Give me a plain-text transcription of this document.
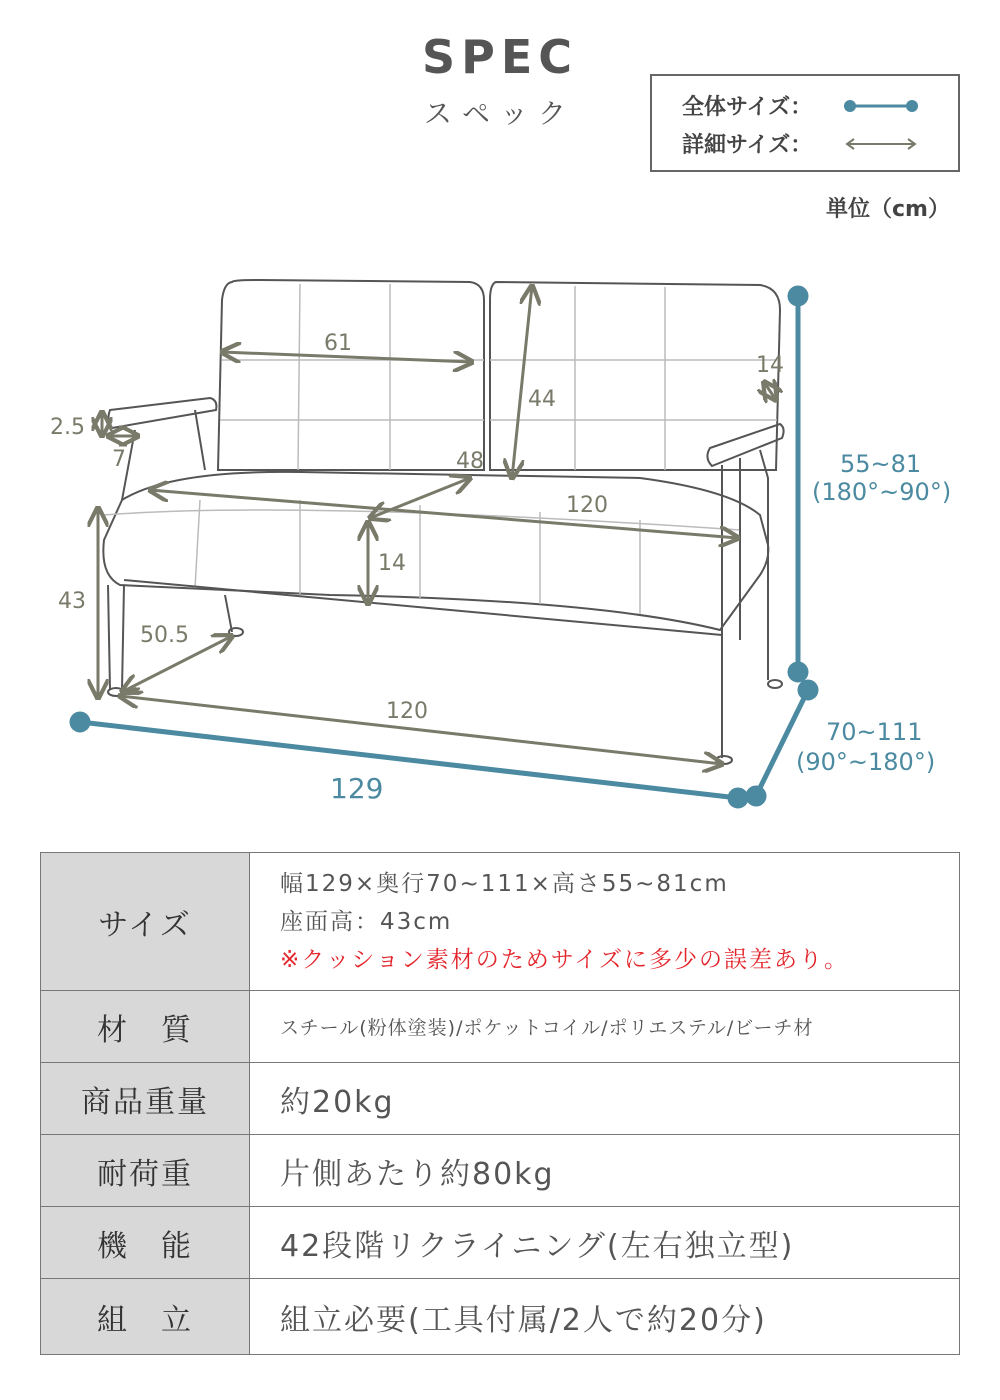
SPEC
スペック	全体サイズ：
詳細サイズ：
単位（cm）
61
2.5
7
44
14
48
120
14
43
50.5
120
129
55~81
(180°~90°)
70~111
(90°~180°)
サイズ	幅129×奥行70~111×高さ55~81cm
座面高：43cm
※クッション素材のためサイズに多少の誤差あり。

材　質	スチール(粉体塗装)/ポケットコイル/ポリエステル/ビーチ材
商品重量	約20kg
耐荷重	片側あたり約80kg
機　能	42段階リクライニング(左右独立型)
組　立	組立必要(工具付属/2人で約20分)
